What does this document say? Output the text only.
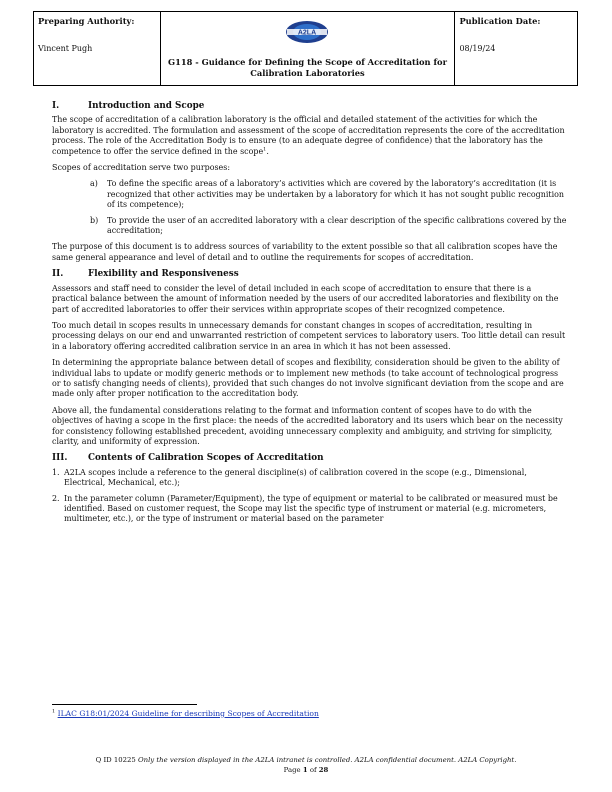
Preparing Authority:
Vincent Pugh
A2LA
G118 - Guidance for Defining the Scope of Accreditation for Calibration Laboratories
Publication Date:
08/19/24
I.	Introduction and Scope
The scope of accreditation of a calibration laboratory is the official and detailed statement of the activities for which the laboratory is accredited. The formulation and assessment of the scope of accreditation represents the core of the accreditation process. The role of the Accreditation Body is to ensure (to an adequate degree of confidence) that the laboratory has the competence to offer the service defined in the scope$^1$.
Scopes of accreditation serve two purposes:
a)	To define the specific areas of a laboratory’s activities which are covered by the laboratory’s accreditation (it is recognized that other activities may be undertaken by a laboratory for which it has not sought public recognition of its competence);
b)	To provide the user of an accredited laboratory with a clear description of the specific calibrations covered by the accreditation;
The purpose of this document is to address sources of variability to the extent possible so that all calibration scopes have the same general appearance and level of detail and to outline the requirements for scopes of accreditation.
II.	Flexibility and Responsiveness
Assessors and staff need to consider the level of detail included in each scope of accreditation to ensure that there is a practical balance between the amount of information needed by the users of our accredited laboratories and flexibility on the part of accredited laboratories to offer their services within appropriate scopes of their recognized competence.
Too much detail in scopes results in unnecessary demands for constant changes in scopes of accreditation, resulting in processing delays on our end and unwarranted restriction of competent services to laboratory users. Too little detail can result in a laboratory offering accredited calibration service in an area in which it has not been assessed.
In determining the appropriate balance between detail of scopes and flexibility, consideration should be given to the ability of individual labs to update or modify generic methods or to implement new methods (to take account of technological progress or to satisfy changing needs of clients), provided that such changes do not involve significant deviation from the scope and are made only after proper notification to the accreditation body.
Above all, the fundamental considerations relating to the format and information content of scopes have to do with the objectives of having a scope in the first place: the needs of the accredited laboratory and its users which bear on the necessity for consistency following established precedent, avoiding unnecessary complexity and ambiguity, and striving for simplicity, clarity, and uniformity of expression.
III.	Contents of Calibration Scopes of Accreditation
1. A2LA scopes include a reference to the general discipline(s) of calibration covered in the scope (e.g., Dimensional, Electrical, Mechanical, etc.);
2. In the parameter column (Parameter/Equipment), the type of equipment or material to be calibrated or measured must be identified. Based on customer request, the Scope may list the specific type of instrument or material (e.g. micrometers, multimeter, etc.), or the type of instrument or material based on the parameter
$^1$ ILAC G18:01/2024 Guideline for describing Scopes of Accreditation
Q ID 10225 Only the version displayed in the A2LA intranet is controlled. A2LA confidential document. A2LA Copyright.
Page 1 of 28
